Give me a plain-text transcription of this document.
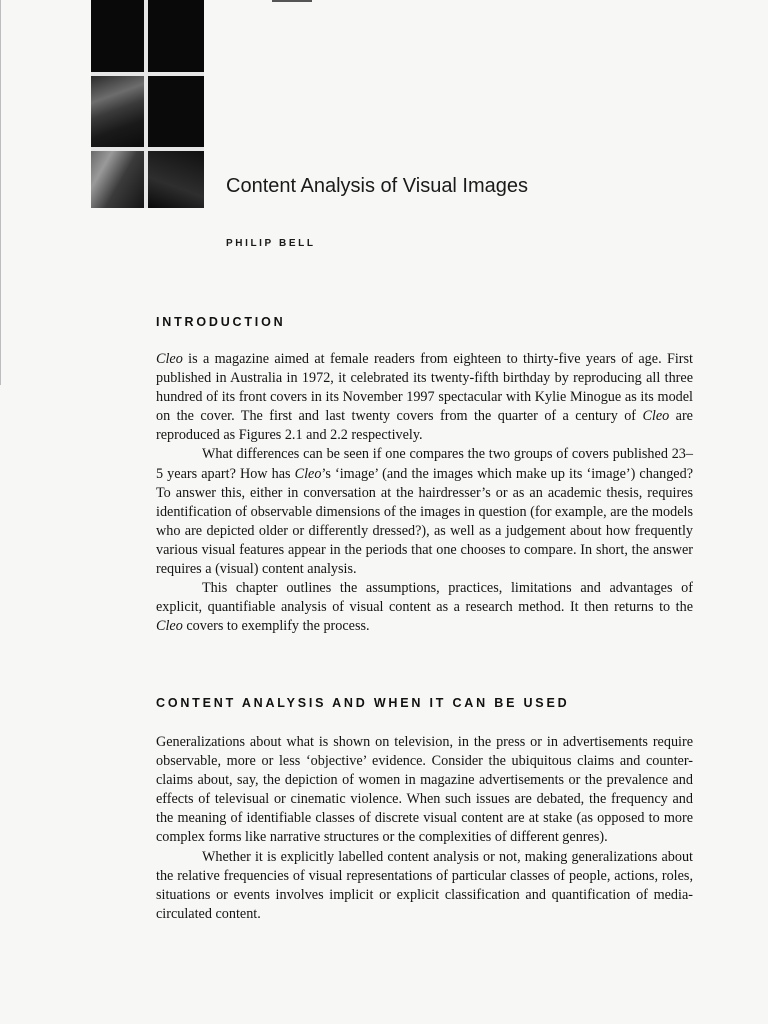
Content Analysis of Visual Images
PHILIP BELL
INTRODUCTION

Cleo is a magazine aimed at female readers from eighteen to thirty-five years of age. First published in Australia in 1972, it celebrated its twenty-fifth birthday by reproducing all three hundred of its front covers in its November 1997 spectacular with Kylie Minogue as its model on the cover. The first and last twenty covers from the quarter of a century of Cleo are reproduced as Figures 2.1 and 2.2 respectively.

What differences can be seen if one compares the two groups of covers published 23–5 years apart? How has Cleo’s ‘image’ (and the images which make up its ‘image’) changed? To answer this, either in conversation at the hairdresser’s or as an academic thesis, requires identification of observable dimensions of the images in question (for example, are the models who are depicted older or differently dressed?), as well as a judgement about how frequently various visual features appear in the periods that one chooses to compare. In short, the answer requires a (visual) content analysis.

This chapter outlines the assumptions, practices, limitations and advantages of explicit, quantifiable analysis of visual content as a research method. It then returns to the Cleo covers to exemplify the process.

CONTENT ANALYSIS AND WHEN IT CAN BE USED

Generalizations about what is shown on television, in the press or in advertisements require observable, more or less ‘objective’ evidence. Consider the ubiquitous claims and counter-claims about, say, the depiction of women in magazine advertisements or the prevalence and effects of televisual or cinematic violence. When such issues are debated, the frequency and the meaning of identifiable classes of discrete visual content are at stake (as opposed to more complex forms like narrative structures or the complexities of different genres).

Whether it is explicitly labelled content analysis or not, making generalizations about the relative frequencies of visual representations of particular classes of people, actions, roles, situations or events involves implicit or explicit classification and quantification of media-circulated content.
